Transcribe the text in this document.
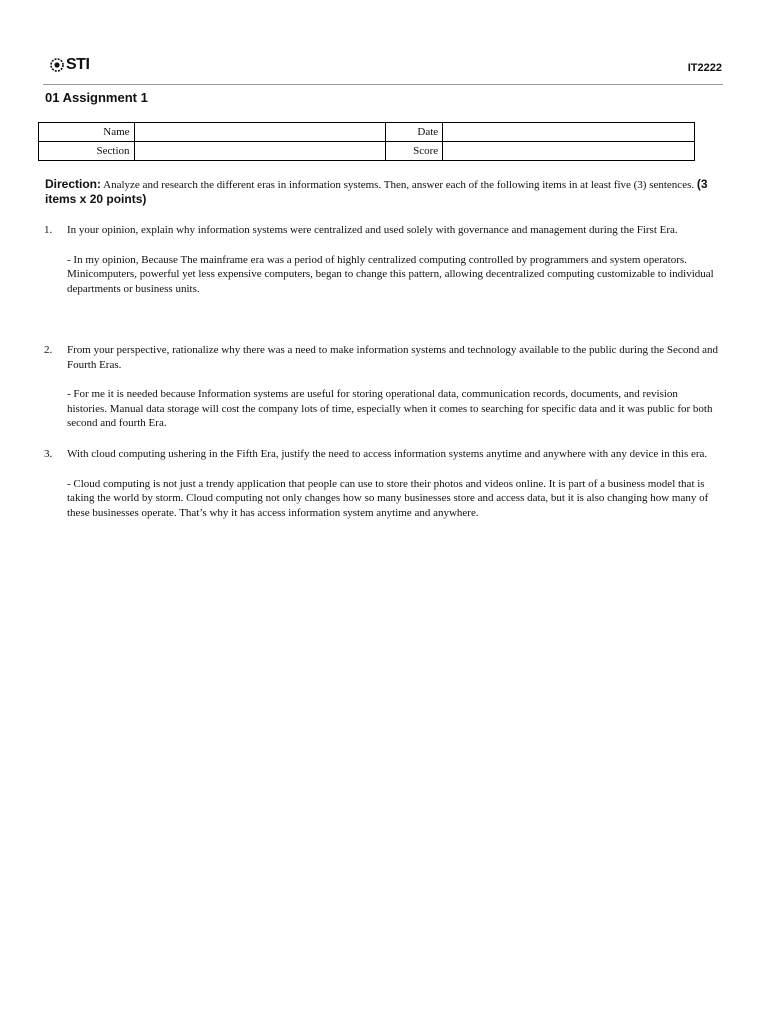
STI	IT2222
01 Assignment 1
Name		Date	
Section		Score	
Direction: Analyze and research the different eras in information systems. Then, answer each of the following items in at least five (3) sentences. (3 items x 20 points)
1. In your opinion, explain why information systems were centralized and used solely with governance and management during the First Era.
- In my opinion, Because The mainframe era was a period of highly centralized computing controlled by programmers and system operators. Minicomputers, powerful yet less expensive computers, began to change this pattern, allowing decentralized computing customizable to individual departments or business units.
2. From your perspective, rationalize why there was a need to make information systems and technology available to the public during the Second and Fourth Eras.
- For me it is needed because Information systems are useful for storing operational data, communication records, documents, and revision histories. Manual data storage will cost the company lots of time, especially when it comes to searching for specific data and it was public for both second and fourth Era.
3. With cloud computing ushering in the Fifth Era, justify the need to access information systems anytime and anywhere with any device in this era.
- Cloud computing is not just a trendy application that people can use to store their photos and videos online. It is part of a business model that is taking the world by storm. Cloud computing not only changes how so many businesses store and access data, but it is also changing how many of these businesses operate. That’s why it has access information system anytime and anywhere.
